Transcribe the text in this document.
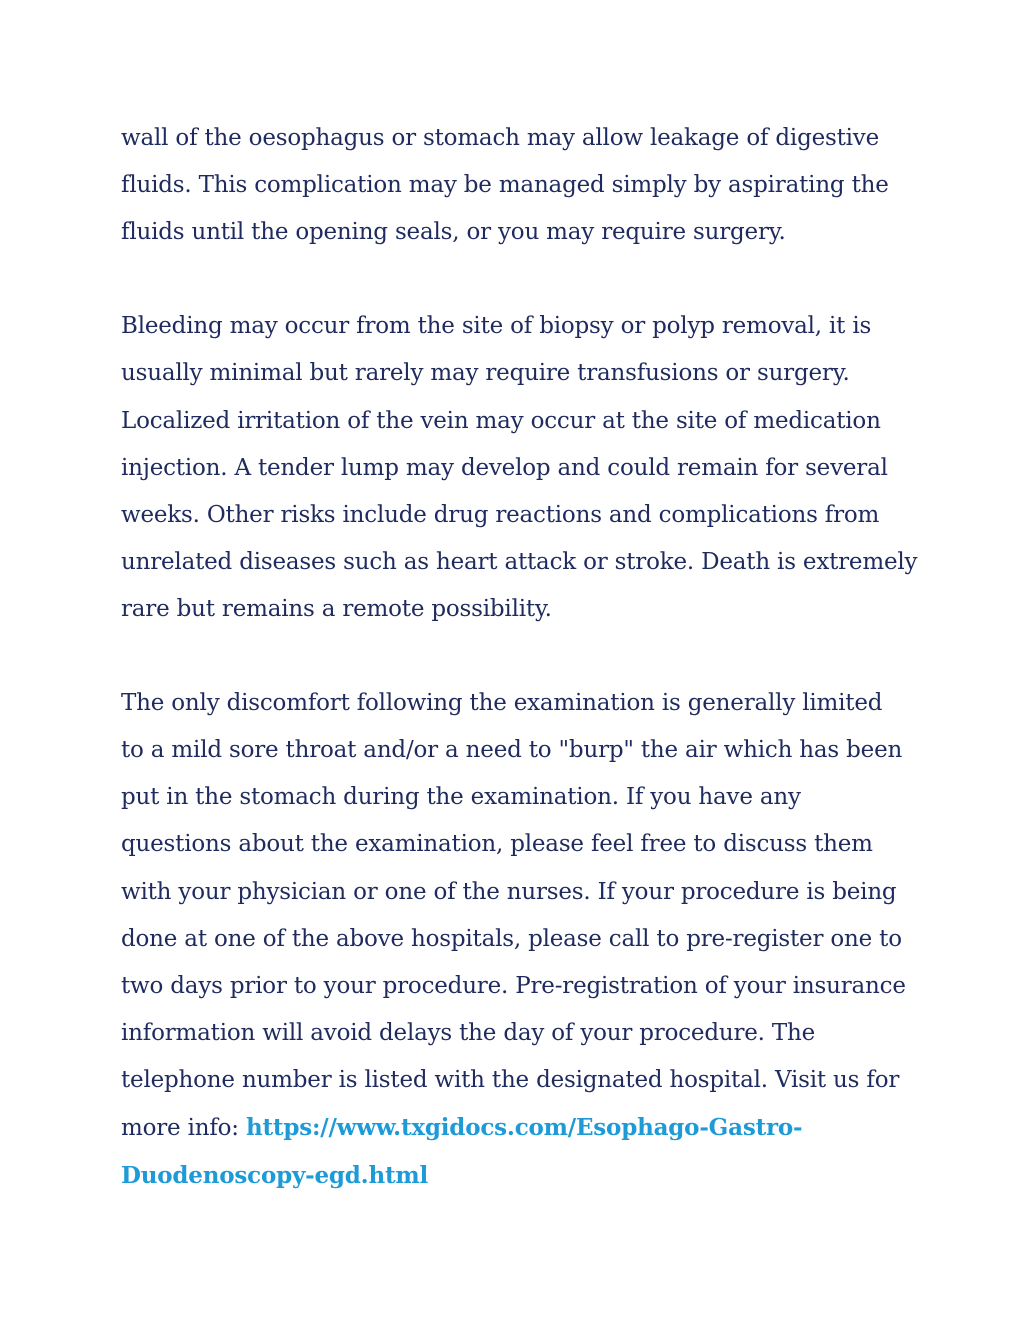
wall of the oesophagus or stomach may allow leakage of digestive
fluids. This complication may be managed simply by aspirating the
fluids until the opening seals, or you may require surgery.

Bleeding may occur from the site of biopsy or polyp removal, it is
usually minimal but rarely may require transfusions or surgery.
Localized irritation of the vein may occur at the site of medication
injection. A tender lump may develop and could remain for several
weeks. Other risks include drug reactions and complications from
unrelated diseases such as heart attack or stroke. Death is extremely
rare but remains a remote possibility.

The only discomfort following the examination is generally limited
to a mild sore throat and/or a need to "burp" the air which has been
put in the stomach during the examination. If you have any
questions about the examination, please feel free to discuss them
with your physician or one of the nurses. If your procedure is being
done at one of the above hospitals, please call to pre-register one to
two days prior to your procedure. Pre-registration of your insurance
information will avoid delays the day of your procedure. The
telephone number is listed with the designated hospital. Visit us for
more info: https://www.txgidocs.com/Esophago-Gastro-
Duodenoscopy-egd.html
